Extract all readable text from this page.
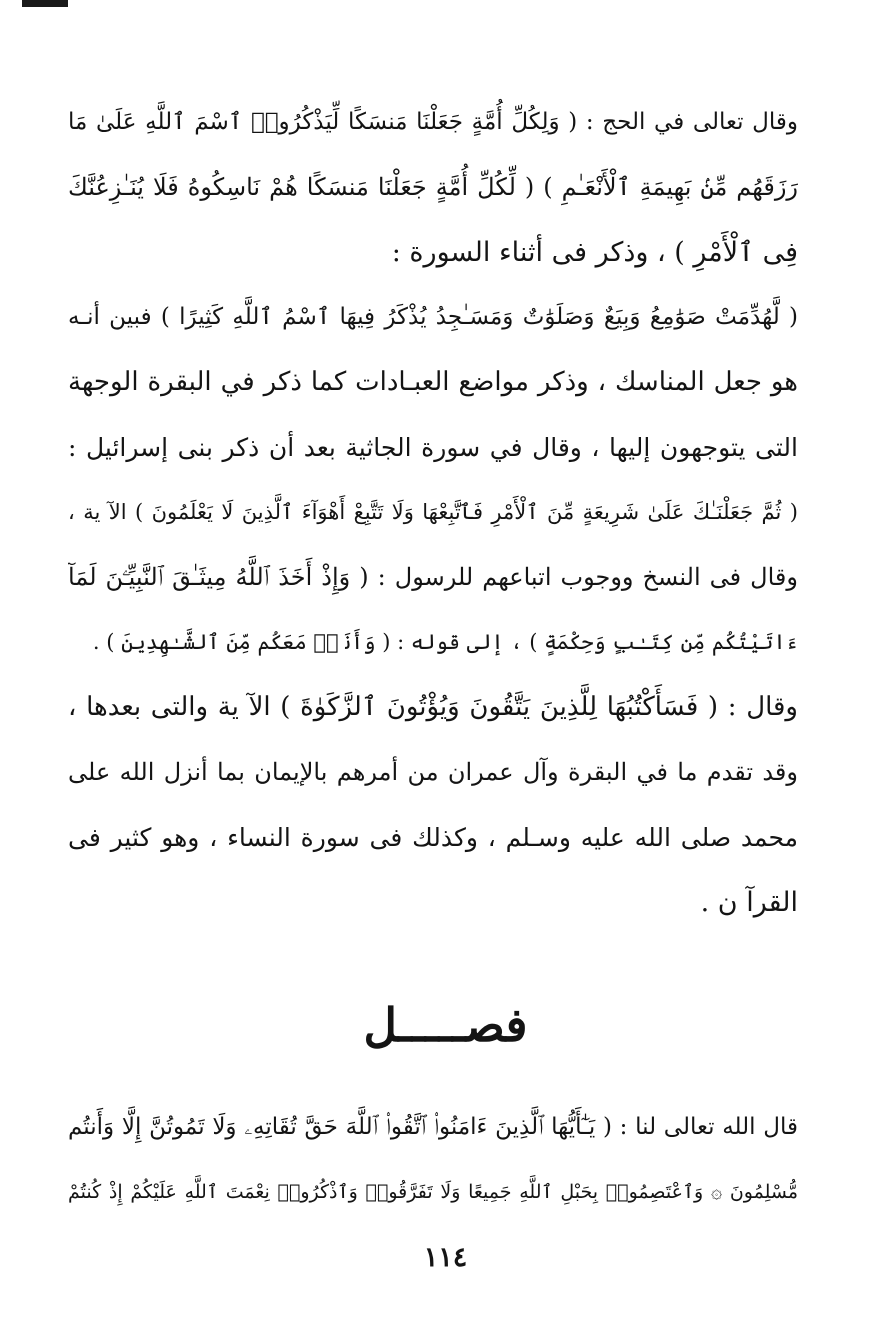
وقال تعالى في الحج : ( وَلِكُلِّ أُمَّةٍ جَعَلْنَا مَنسَكًا لِّيَذْكُرُوا۟ ٱسْمَ ٱللَّهِ عَلَىٰ مَا
رَزَقَهُم مِّنۢ بَهِيمَةِ ٱلْأَنْعَـٰمِ ) ( لِّكُلِّ أُمَّةٍ جَعَلْنَا مَنسَكًا هُمْ نَاسِكُوهُ فَلَا يُنَـٰزِعُنَّكَ
فِى ٱلْأَمْرِ ) ، وذكر فى أثناء السورة :
( لَّهُدِّمَتْ صَوَٰمِعُ وَبِيَعٌ وَصَلَوَٰتٌ وَمَسَـٰجِدُ يُذْكَرُ فِيهَا ٱسْمُ ٱللَّهِ كَثِيرًا ) فبين أنـه
هو جعل المناسك ، وذكر مواضع العبـادات كما ذكر في البقرة الوجهة
التى يتوجهون إليها ، وقال في سورة الجاثية بعد أن ذكر بنى إسرائيل :
( ثُمَّ جَعَلْنَـٰكَ عَلَىٰ شَرِيعَةٍ مِّنَ ٱلْأَمْرِ فَٱتَّبِعْهَا وَلَا تَتَّبِعْ أَهْوَآءَ ٱلَّذِينَ لَا يَعْلَمُونَ ) الآ ية ،
وقال فى النسخ ووجوب اتباعهم للرسول : ( وَإِذْ أَخَذَ ٱللَّهُ مِيثَـٰقَ ٱلنَّبِيِّـۧنَ لَمَآ
ءَاتَيْتُكُم مِّن كِتَـٰبٍ وَحِكْمَةٍ ) ، إلى قوله : ( وَأَنَا۠ مَعَكُم مِّنَ ٱلشَّـٰهِدِينَ ) .
وقال : ( فَسَأَكْتُبُهَا لِلَّذِينَ يَتَّقُونَ وَيُؤْتُونَ ٱلزَّكَوٰةَ ) الآ ية والتى بعدها ،
وقد تقدم ما في البقرة وآل عمران من أمرهم بالإيمان بما أنزل الله على
محمد صلى الله عليه وسـلم ، وكذلك فى سورة النساء ، وهو كثير فى
القرآ ن .
فصـــــل
قال الله تعالى لنا : ( يَـٰٓأَيُّهَا ٱلَّذِينَ ءَامَنُوا۟ ٱتَّقُوا۟ ٱللَّهَ حَقَّ تُقَاتِهِۦ وَلَا تَمُوتُنَّ إِلَّا وَأَنتُم
مُّسْلِمُونَ ۞ وَٱعْتَصِمُوا۟ بِحَبْلِ ٱللَّهِ جَمِيعًا وَلَا تَفَرَّقُوا۟ وَٱذْكُرُوا۟ نِعْمَتَ ٱللَّهِ عَلَيْكُمْ إِذْ كُنتُمْ
١١٤
